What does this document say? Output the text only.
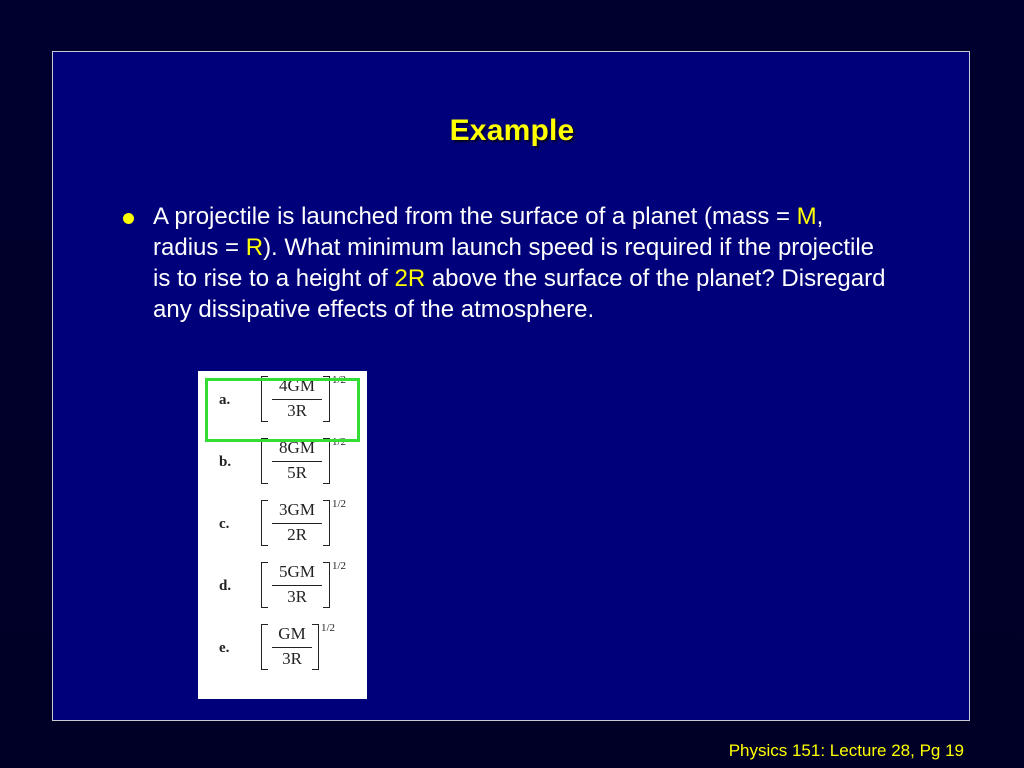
Example
A projectile is launched from the surface of a planet (mass = M, radius = R). What minimum launch speed is required if the projectile is to rise to a height of 2R above the surface of the planet? Disregard any dissipative effects of the atmosphere.
a.
4GM
3R
1/2
b.
8GM
5R
1/2
c.
3GM
2R
1/2
d.
5GM
3R
1/2
e.
GM
3R
1/2
Physics 151: Lecture 28, Pg 19
